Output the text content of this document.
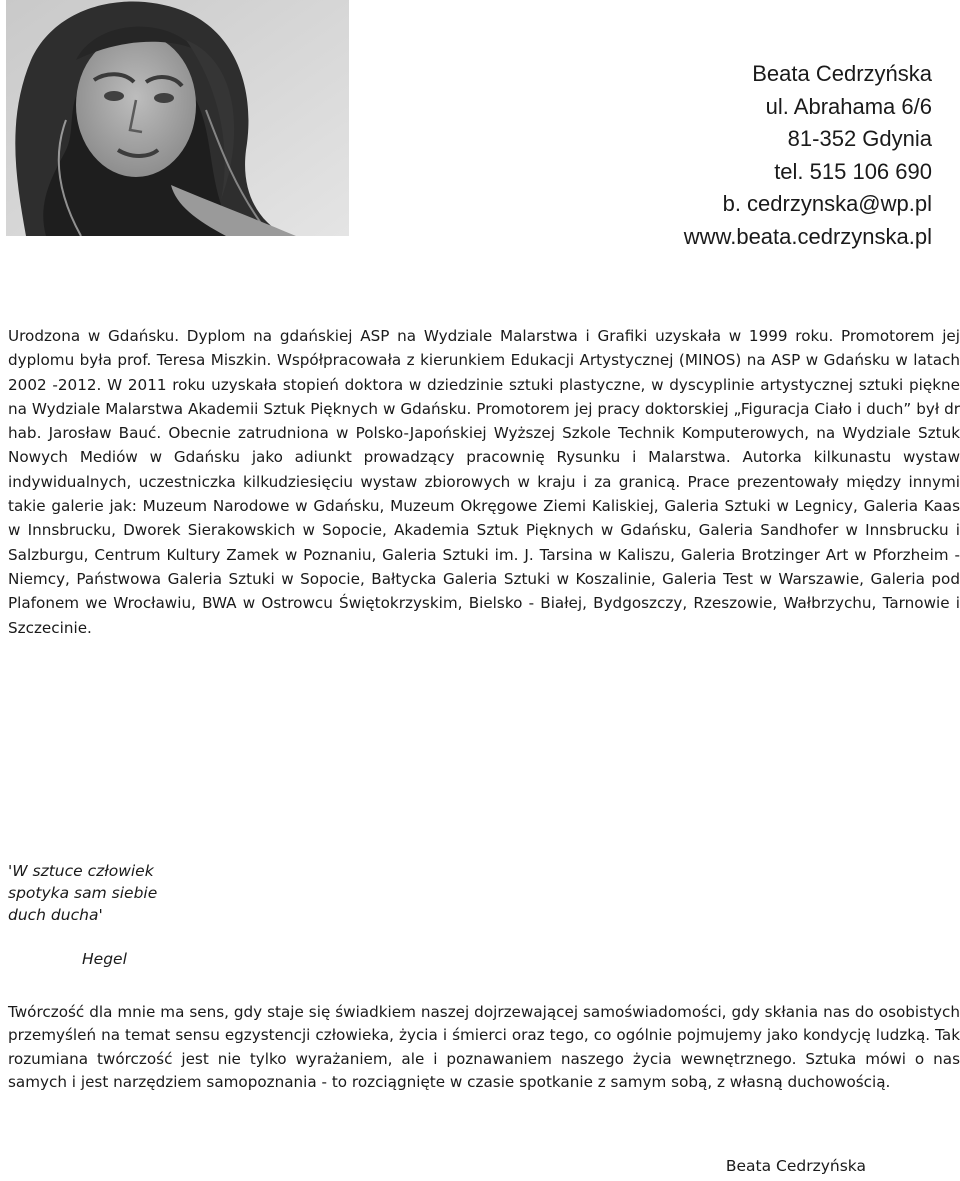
Beata Cedrzyńska
ul. Abrahama 6/6
81-352 Gdynia
tel. 515 106 690
b. cedrzynska@wp.pl
www.beata.cedrzynska.pl

Urodzona w Gdańsku. Dyplom na gdańskiej ASP na Wydziale Malarstwa i Grafiki uzyskała w 1999 roku. Promotorem jej dyplomu była prof. Teresa Miszkin. Współpracowała z kierunkiem Edukacji Artystycznej (MINOS) na ASP w Gdańsku w latach 2002 -2012. W 2011 roku uzyskała stopień doktora w dziedzinie sztuki plastyczne, w dyscyplinie artystycznej sztuki piękne na Wydziale Malarstwa Akademii Sztuk Pięknych w Gdańsku. Promotorem jej pracy doktorskiej „Figuracja Ciało i duch” był dr hab. Jarosław Bauć. Obecnie zatrudniona w Polsko-Japońskiej Wyższej Szkole Technik Komputerowych, na Wydziale Sztuk Nowych Mediów w Gdańsku jako adiunkt prowadzący pracownię Rysunku i Malarstwa. Autorka kilkunastu wystaw indywidualnych, uczestniczka kilkudziesięciu wystaw zbiorowych w kraju i za granicą. Prace prezentowały między innymi takie galerie jak: Muzeum Narodowe w Gdańsku, Muzeum Okręgowe Ziemi Kaliskiej, Galeria Sztuki w Legnicy, Galeria Kaas w Innsbrucku, Dworek Sierakowskich w Sopocie, Akademia Sztuk Pięknych w Gdańsku, Galeria Sandhofer w Innsbrucku i Salzburgu, Centrum Kultury Zamek w Poznaniu, Galeria Sztuki im. J. Tarsina w Kaliszu, Galeria Brotzinger Art w Pforzheim - Niemcy, Państwowa Galeria Sztuki w Sopocie, Bałtycka Galeria Sztuki w Koszalinie, Galeria Test w Warszawie, Galeria pod Plafonem we Wrocławiu, BWA w Ostrowcu Świętokrzyskim, Bielsko - Białej, Bydgoszczy, Rzeszowie, Wałbrzychu, Tarnowie i Szczecinie.

'W sztuce człowiek
spotyka sam siebie
duch ducha'
Hegel

Twórczość dla mnie ma sens, gdy staje się świadkiem naszej dojrzewającej samoświadomości, gdy skłania nas do osobistych przemyśleń na temat sensu egzystencji człowieka, życia i śmierci oraz tego, co ogólnie pojmujemy jako kondycję ludzką. Tak rozumiana twórczość jest nie tylko wyrażaniem, ale i poznawaniem naszego życia wewnętrznego. Sztuka mówi o nas samych i jest narzędziem samopoznania - to rozciągnięte w czasie spotkanie z samym sobą, z własną duchowością.

Beata Cedrzyńska
